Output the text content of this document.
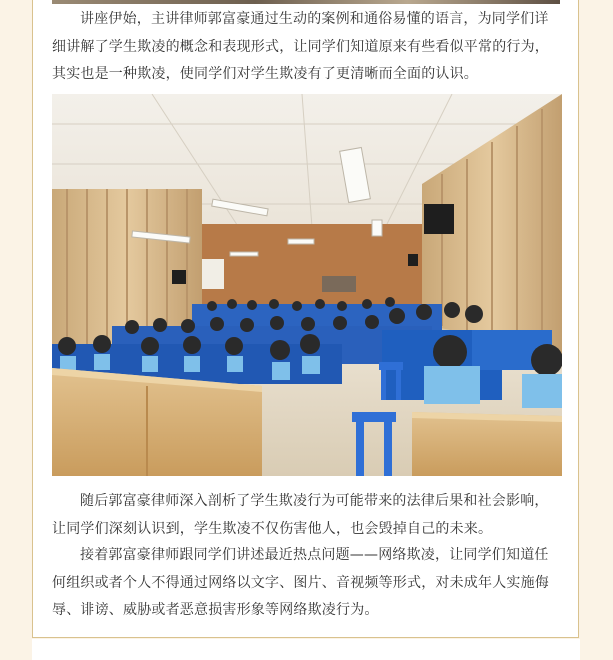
讲座伊始，主讲律师郭富豪通过生动的案例和通俗易懂的语言，为同学们详细讲解了学生欺凌的概念和表现形式，让同学们知道原来有些看似平常的行为，其实也是一种欺凌，使同学们对学生欺凌有了更清晰而全面的认识。

随后郭富豪律师深入剖析了学生欺凌行为可能带来的法律后果和社会影响，让同学们深刻认识到，学生欺凌不仅伤害他人，也会毁掉自己的未来。

接着郭富豪律师跟同学们讲述最近热点问题——网络欺凌，让同学们知道任何组织或者个人不得通过网络以文字、图片、音视频等形式，对未成年人实施侮辱、诽谤、威胁或者恶意损害形象等网络欺凌行为。
